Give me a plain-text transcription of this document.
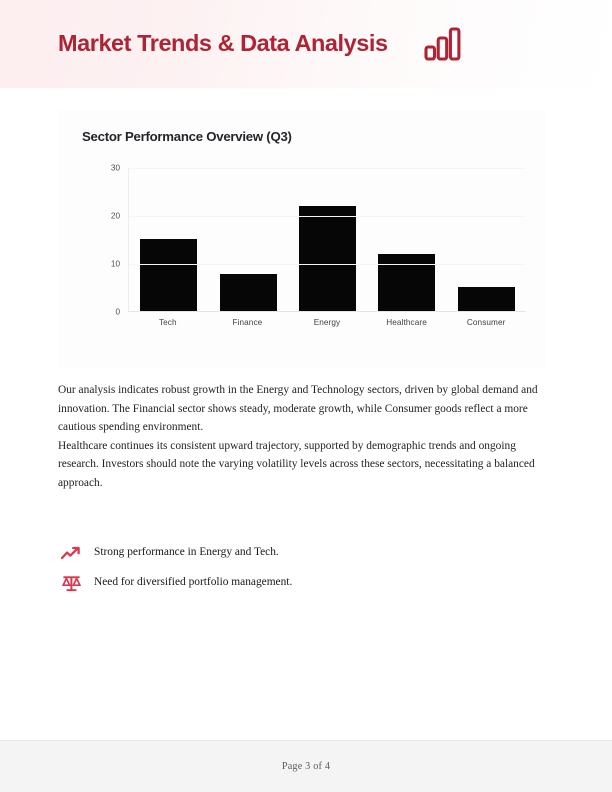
Market Trends & Data Analysis
Sector Performance Overview (Q3)
0
10
20
30
Tech	Finance	Energy	Healthcare	Consumer

Our analysis indicates robust growth in the Energy and Technology sectors, driven by global demand and innovation. The Financial sector shows steady, moderate growth, while Consumer goods reflect a more cautious spending environment.

Healthcare continues its consistent upward trajectory, supported by demographic trends and ongoing research. Investors should note the varying volatility levels across these sectors, necessitating a balanced approach.

Strong performance in Energy and Tech.
Need for diversified portfolio management.
Page 3 of 4
